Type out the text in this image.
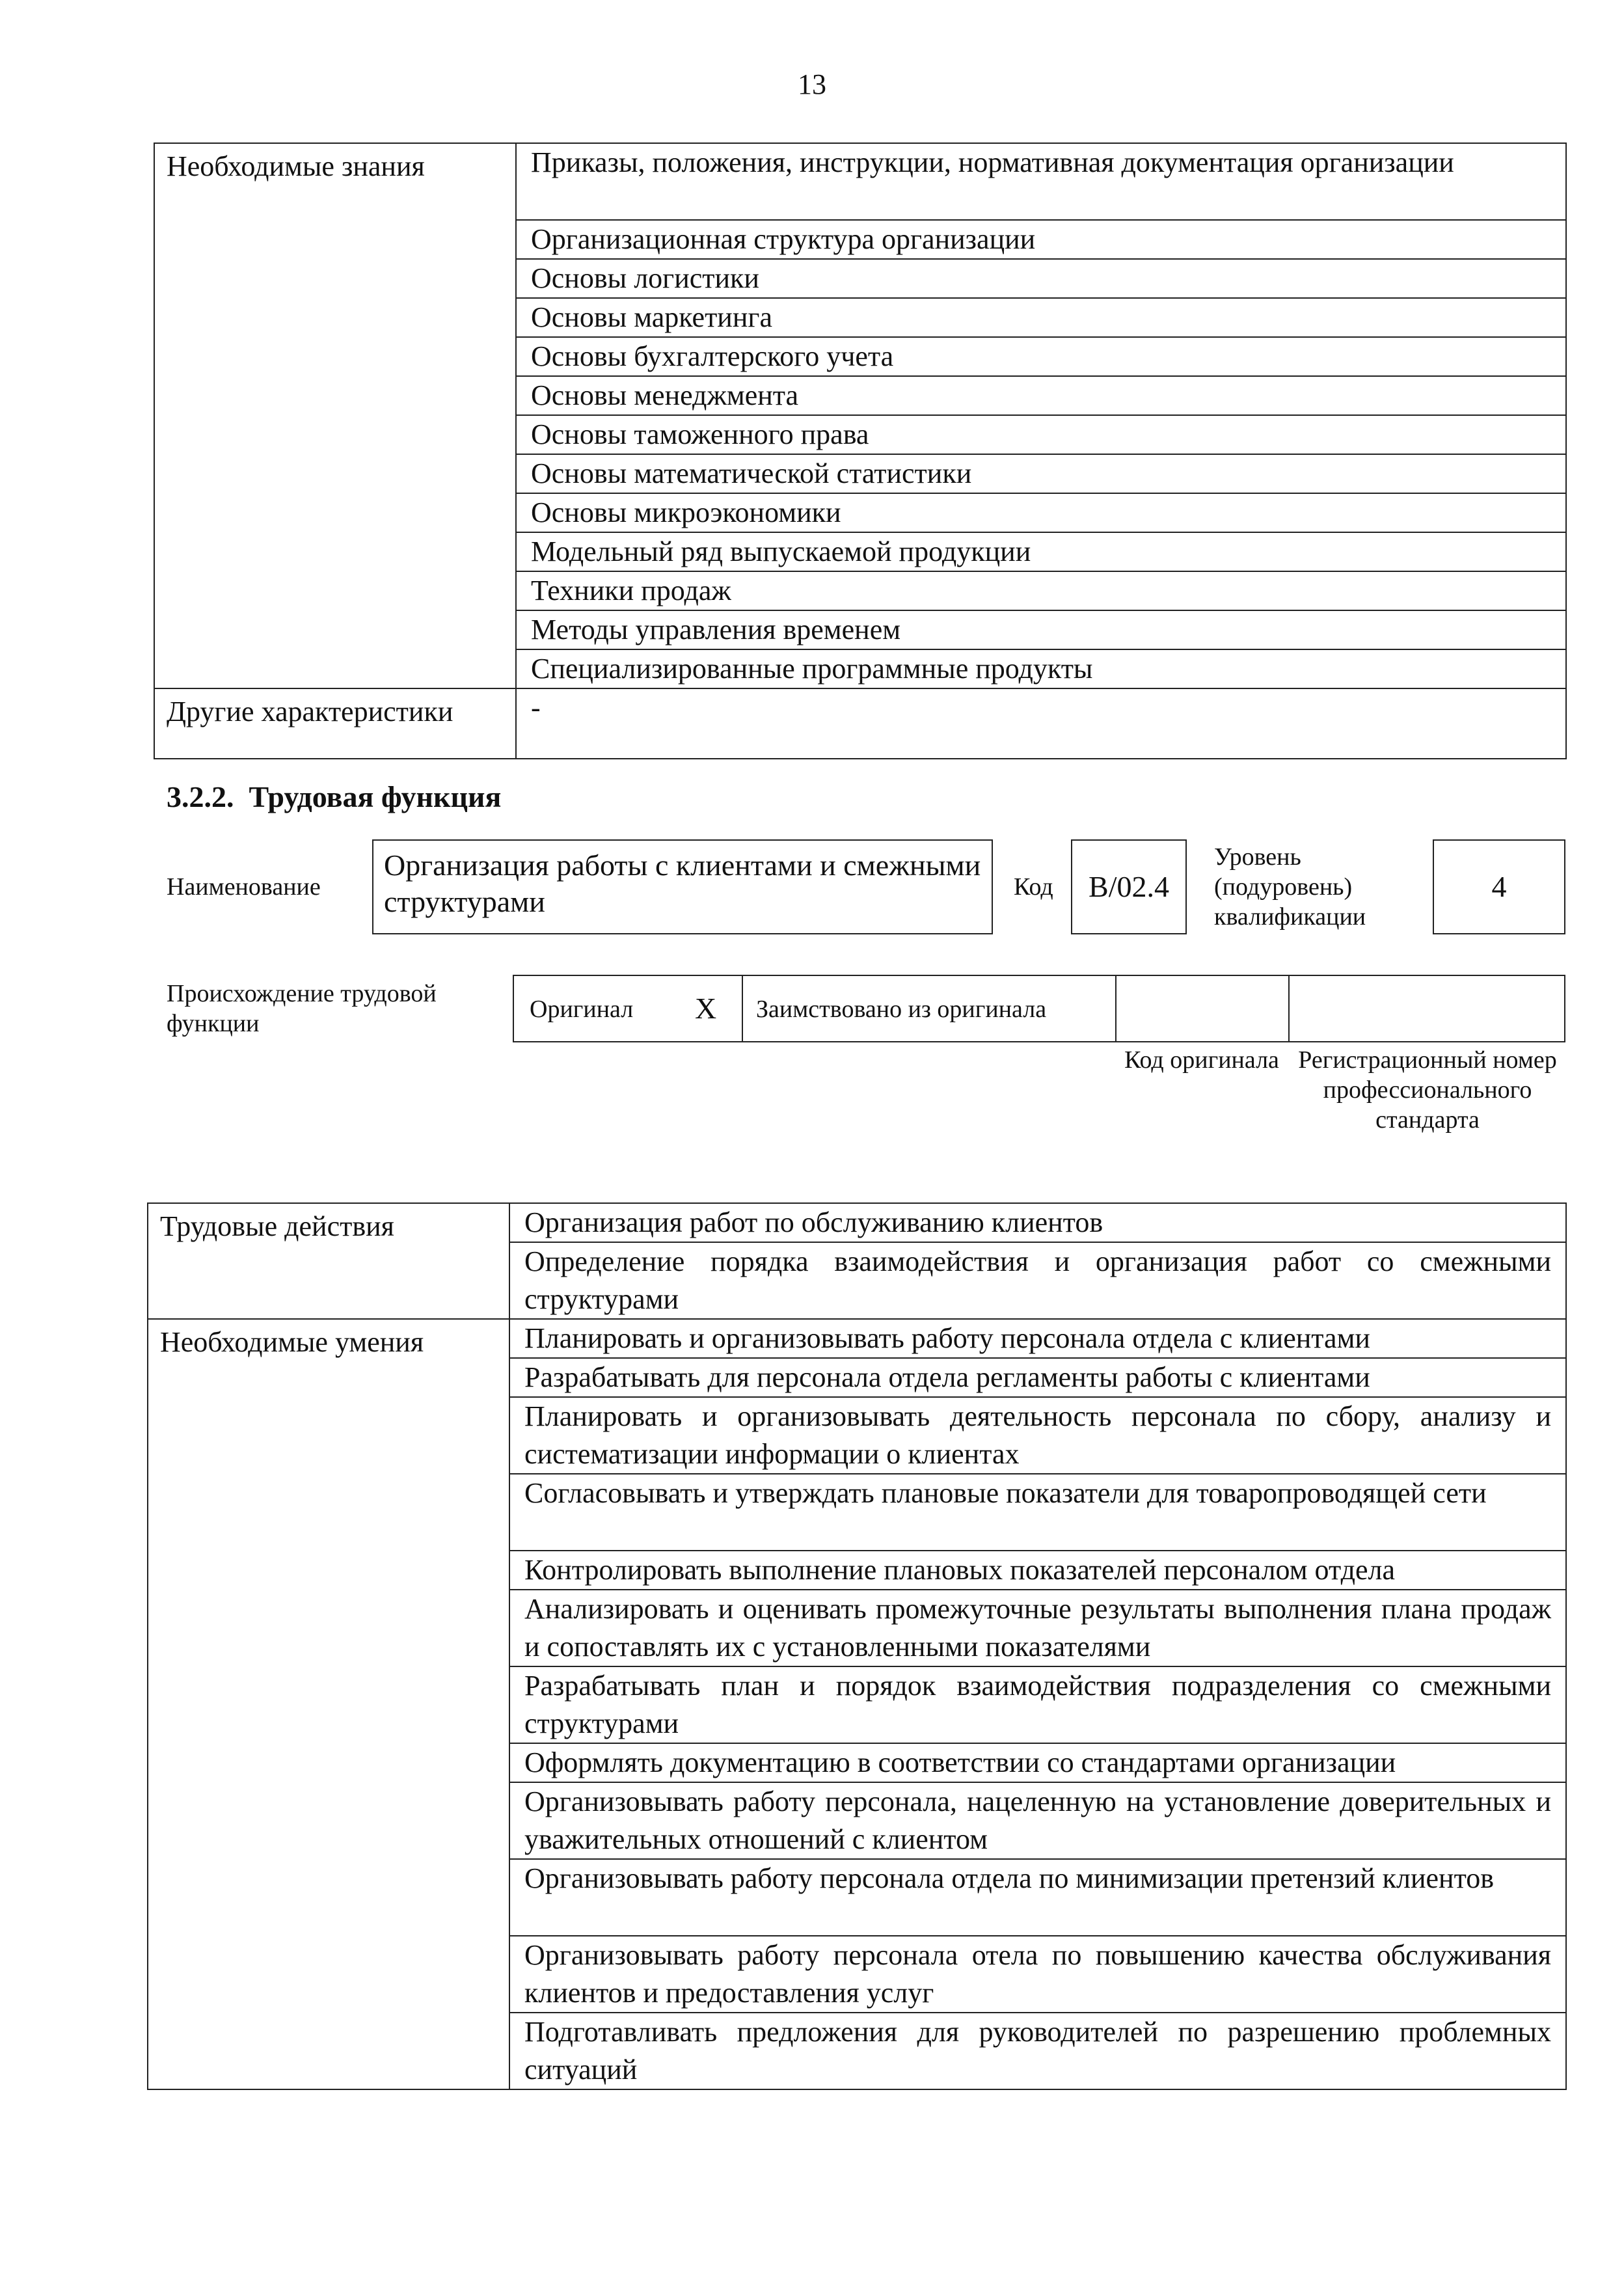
13
Необходимые знания	Приказы, положения, инструкции, нормативная документация организации
	Организационная структура организации
	Основы логистики
	Основы маркетинга
	Основы бухгалтерского учета
	Основы менеджмента
	Основы таможенного права
	Основы математической статистики
	Основы микроэкономики
	Модельный ряд выпускаемой продукции
	Техники продаж
	Методы управления временем
	Специализированные программные продукты
Другие характеристики	-
3.2.2. Трудовая функция
Наименование
Организация работы с клиентами и смежными структурами	Код	B/02.4
Уровень (подуровень) квалификации
4
Происхождение трудовой функции
Оригинал X Заимствовано из оригинала
Код оригинала Регистрационный номер профессионального стандарта
Трудовые действия	Организация работ по обслуживанию клиентов
	Определение порядка взаимодействия и организация работ со смежными структурами
Необходимые умения	Планировать и организовывать работу персонала отдела с клиентами
	Разрабатывать для персонала отдела регламенты работы с клиентами
	Планировать и организовывать деятельность персонала по сбору, анализу и систематизации информации о клиентах
	Согласовывать и утверждать плановые показатели для товаропроводящей сети
	Контролировать выполнение плановых показателей персоналом отдела
	Анализировать и оценивать промежуточные результаты выполнения плана продаж и сопоставлять их с установленными показателями
	Разрабатывать план и порядок взаимодействия подразделения со смежными структурами
	Оформлять документацию в соответствии со стандартами организации
	Организовывать работу персонала, нацеленную на установление доверительных и уважительных отношений с клиентом
	Организовывать работу персонала отдела по минимизации претензий клиентов
	Организовывать работу персонала отела по повышению качества обслуживания клиентов и предоставления услуг
	Подготавливать предложения для руководителей по разрешению проблемных ситуаций
